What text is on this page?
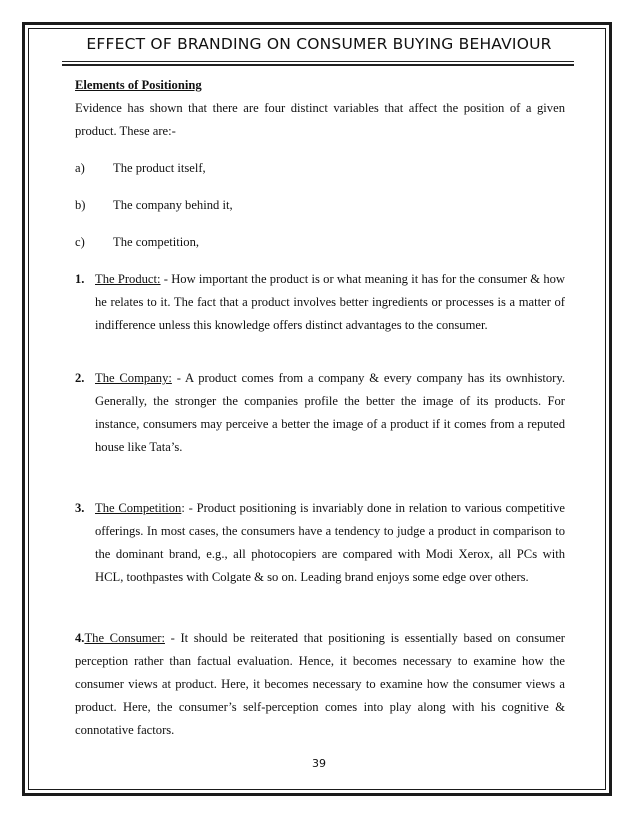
EFFECT OF BRANDING ON CONSUMER BUYING BEHAVIOUR

Elements of Positioning

Evidence has shown that there are four distinct variables that affect the position of a given product. These are:-

a)	The product itself,
b)	The company behind it,
c)	The competition,
1. The Product: - How important the product is or what meaning it has for the consumer & how he relates to it. The fact that a product involves better ingredients or processes is a matter of indifference unless this knowledge offers distinct advantages to the consumer.
2. The Company: - A product comes from a company & every company has its ownhistory. Generally, the stronger the companies profile the better the image of its products. For instance, consumers may perceive a better the image of a product if it comes from a reputed house like Tata’s.
3. The Competition: - Product positioning is invariably done in relation to various competitive offerings. In most cases, the consumers have a tendency to judge a product in comparison to the dominant brand, e.g., all photocopiers are compared with Modi Xerox, all PCs with HCL, toothpastes with Colgate & so on. Leading brand enjoys some edge over others.

4.The Consumer: - It should be reiterated that positioning is essentially based on consumer perception rather than factual evaluation. Hence, it becomes necessary to examine how the consumer views at product. Here, it becomes necessary to examine how the consumer views a product. Here, the consumer’s self-perception comes into play along with his cognitive & connotative factors.

39
